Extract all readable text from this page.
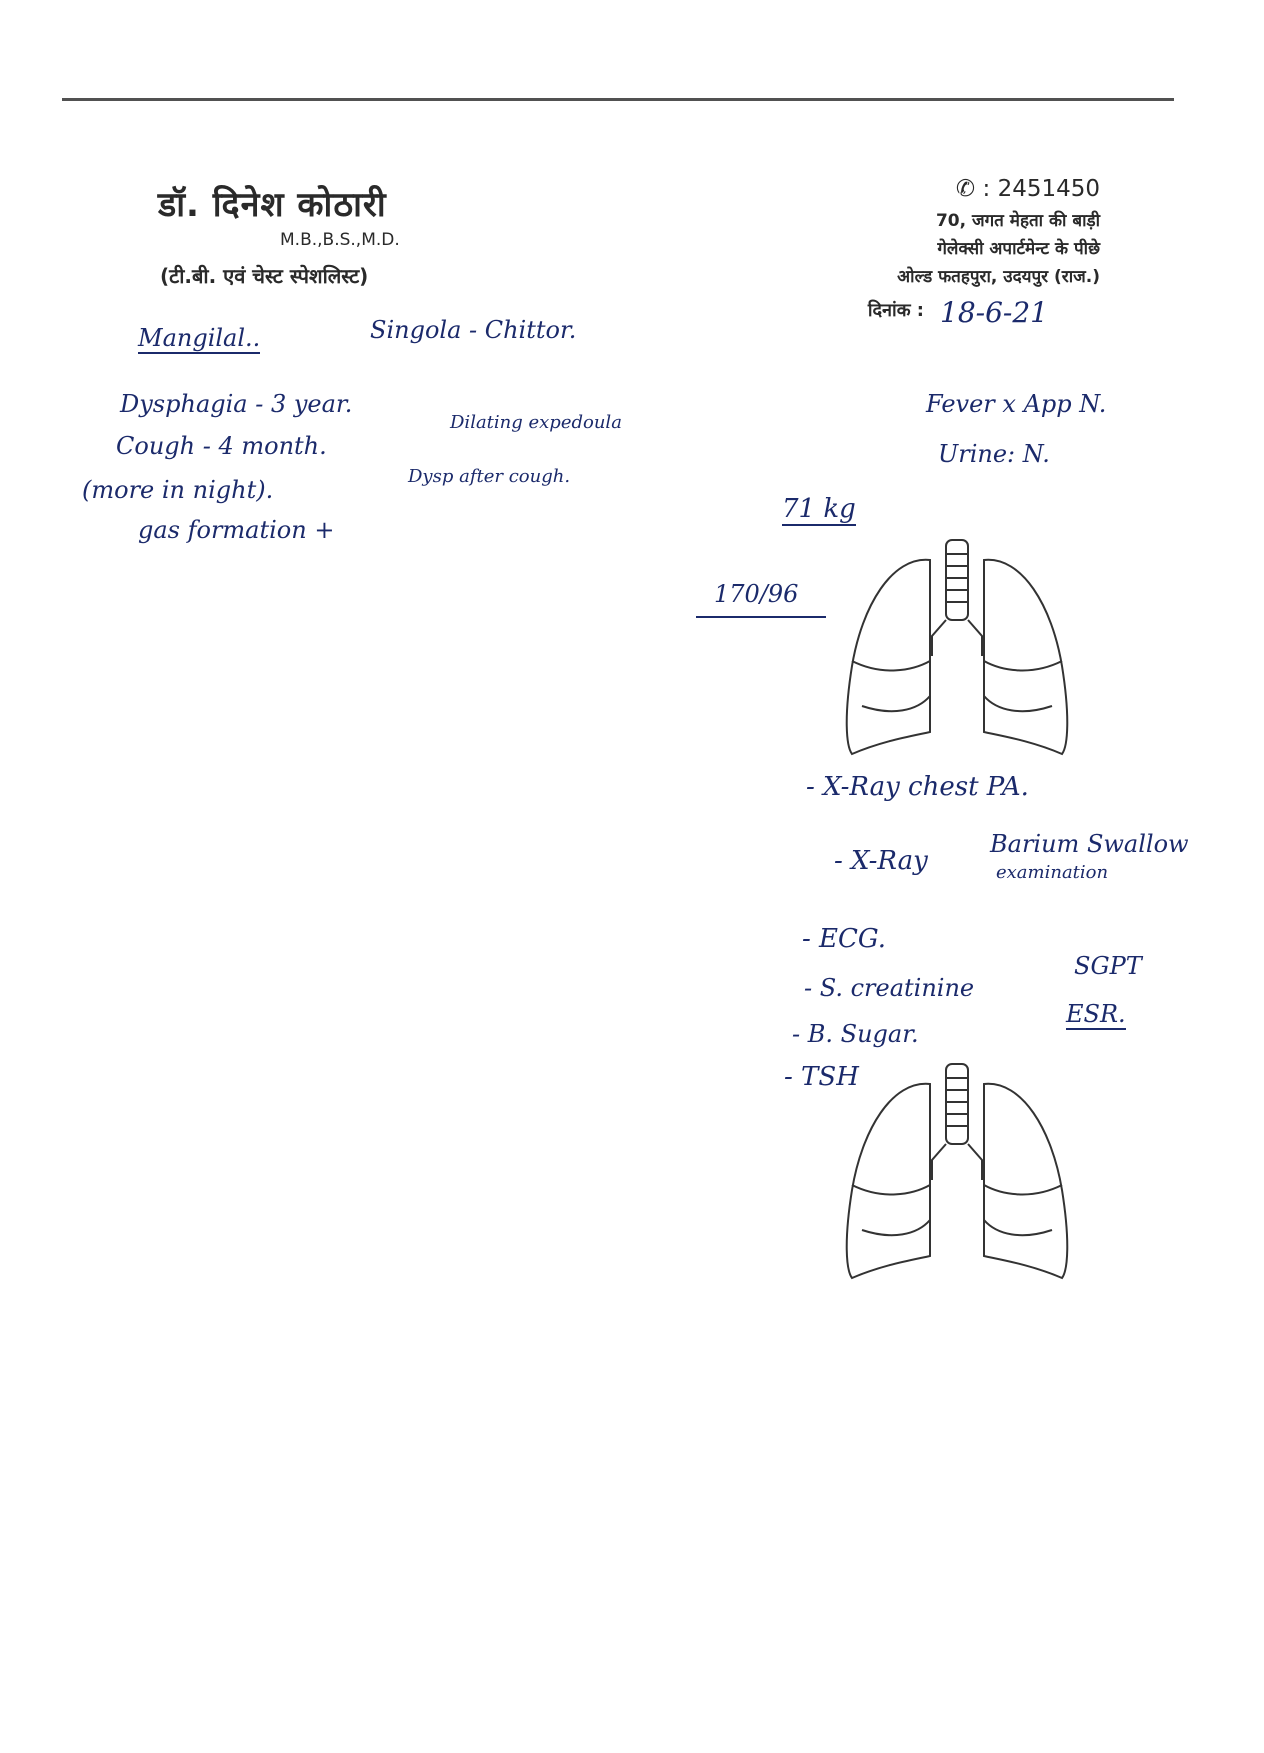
डॉ. दिनेश कोठारी
M.B.,B.S.,M.D.
(टी.बी. एवं चेस्ट स्पेशलिस्ट)
✆ : 2451450
70, जगत मेहता की बाड़ी
गेलेक्सी अपार्टमेन्ट के पीछे
ओल्ड फतहपुरा, उदयपुर (राज.)
दिनांक : 18-6-21
Mangilal..	Singola - Chittor.
Dysphagia - 3 year.
Cough - 4 month.
Dilating expedoula
(more in night).	Dysp after cough.
gas formation +
Fever x App N.
Urine: N.
71 kg
170/96
- X-Ray chest PA.
- X-Ray
Barium Swallow
examination
- ECG.
- S. creatinine
SGPT
- B. Sugar.
ESR.
- TSH
